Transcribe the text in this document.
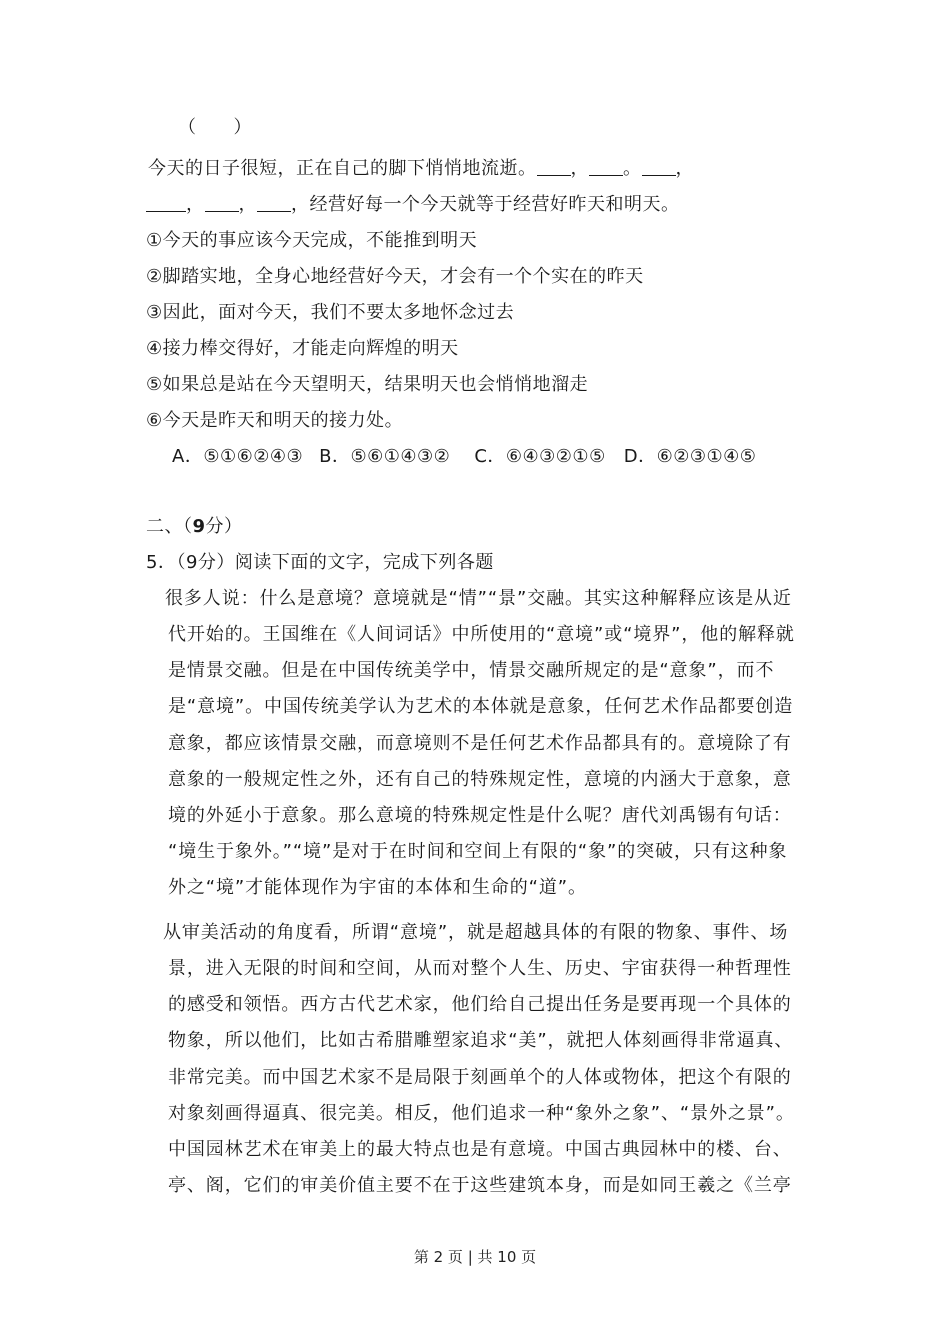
（　　）
今天的日子很短，正在自己的脚下悄悄地流逝。 ， 。 ，
， ， ，经营好每一个今天就等于经营好昨天和明天。
①今天的事应该今天完成，不能推到明天
②脚踏实地，全身心地经营好今天，才会有一个个实在的昨天
③因此，面对今天，我们不要太多地怀念过去
④接力棒交得好，才能走向辉煌的明天
⑤如果总是站在今天望明天，结果明天也会悄悄地溜走
⑥今天是昨天和明天的接力处。
A．⑤①⑥②④③ B．⑤⑥①④③② C．⑥④③②①⑤ D．⑥②③①④⑤
二、（9分）
5．（9分）阅读下面的文字，完成下列各题
很多人说：什么是意境？意境就是“情”“景”交融。其实这种解释应该是从近
代开始的。王国维在《人间词话》中所使用的“意境”或“境界”，他的解释就
是情景交融。但是在中国传统美学中，情景交融所规定的是“意象”，而不
是“意境”。中国传统美学认为艺术的本体就是意象，任何艺术作品都要创造
意象，都应该情景交融，而意境则不是任何艺术作品都具有的。意境除了有
意象的一般规定性之外，还有自己的特殊规定性，意境的内涵大于意象，意
境的外延小于意象。那么意境的特殊规定性是什么呢？唐代刘禹锡有句话：
“境生于象外。”“境”是对于在时间和空间上有限的“象”的突破，只有这种象
外之“境”才能体现作为宇宙的本体和生命的“道”。
从审美活动的角度看，所谓“意境”，就是超越具体的有限的物象、事件、场
景，进入无限的时间和空间，从而对整个人生、历史、宇宙获得一种哲理性
的感受和领悟。西方古代艺术家，他们给自己提出任务是要再现一个具体的
物象，所以他们，比如古希腊雕塑家追求“美”，就把人体刻画得非常逼真、
非常完美。而中国艺术家不是局限于刻画单个的人体或物体，把这个有限的
对象刻画得逼真、很完美。相反，他们追求一种“象外之象”、“景外之景”。
中国园林艺术在审美上的最大特点也是有意境。中国古典园林中的楼、台、
亭、阁，它们的审美价值主要不在于这些建筑本身，而是如同王羲之《兰亭
第 2 页 | 共 10 页
